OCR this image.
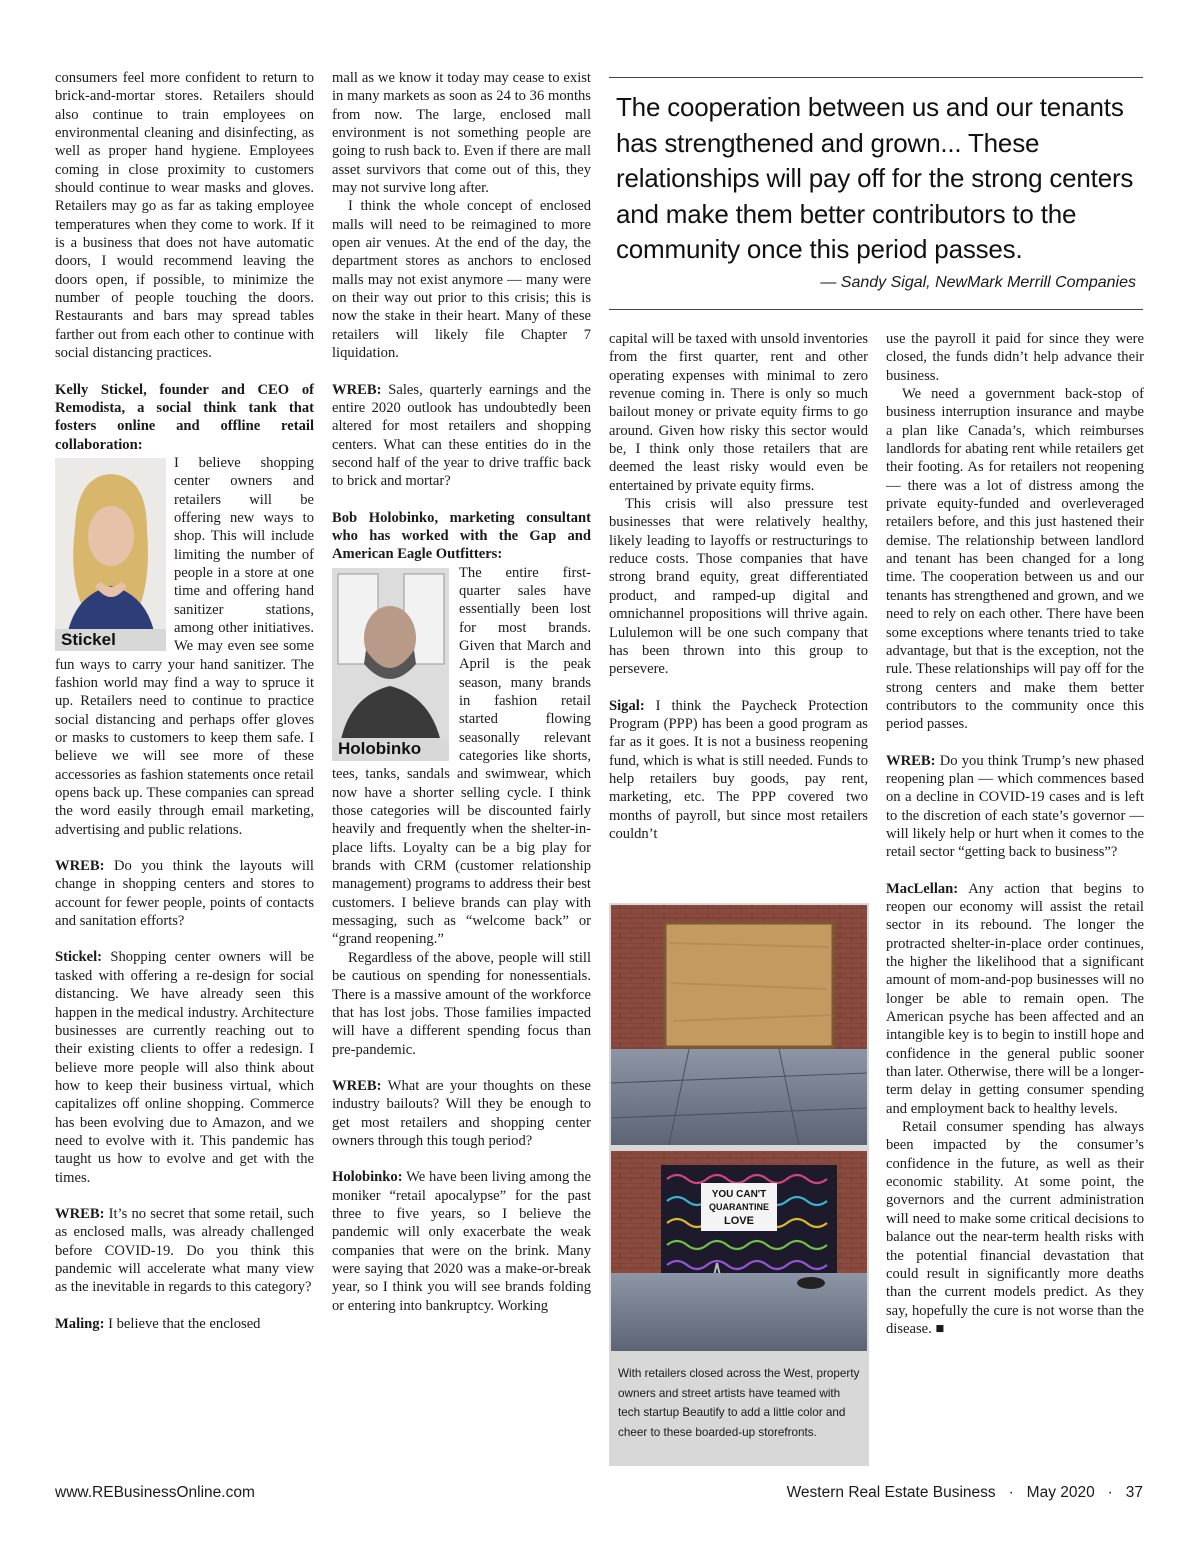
consumers feel more confident to return to brick-and-mortar stores. Retailers should also continue to train employees on environmental cleaning and disinfecting, as well as proper hand hygiene. Employees coming in close proximity to customers should continue to wear masks and gloves. Retailers may go as far as taking employee temperatures when they come to work. If it is a business that does not have automatic doors, I would recommend leaving the doors open, if possible, to minimize the number of people touching the doors. Restaurants and bars may spread tables farther out from each other to continue with social distancing practices.

Kelly Stickel, founder and CEO of Remodista, a social think tank that fosters online and offline retail collaboration:

Stickel

I believe shopping center owners and retailers will be offering new ways to shop. This will include limiting the number of people in a store at one time and offering hand sanitizer stations, among other initiatives. We may even see some fun ways to carry your hand sanitizer. The fashion world may find a way to spruce it up. Retailers need to continue to practice social distancing and perhaps offer gloves or masks to customers to keep them safe. I believe we will see more of these accessories as fashion statements once retail opens back up. These companies can spread the word easily through email marketing, advertising and public relations.

WREB: Do you think the layouts will change in shopping centers and stores to account for fewer people, points of contacts and sanitation efforts?

Stickel: Shopping center owners will be tasked with offering a re-design for social distancing. We have already seen this happen in the medical industry. Architecture businesses are currently reaching out to their existing clients to offer a redesign. I believe more people will also think about how to keep their business virtual, which capitalizes off online shopping. Commerce has been evolving due to Amazon, and we need to evolve with it. This pandemic has taught us how to evolve and get with the times.

WREB: It’s no secret that some retail, such as enclosed malls, was already challenged before COVID-19. Do you think this pandemic will accelerate what many view as the inevitable in regards to this category?

Maling: I believe that the enclosed

mall as we know it today may cease to exist in many markets as soon as 24 to 36 months from now. The large, enclosed mall environment is not something people are going to rush back to. Even if there are mall asset survivors that come out of this, they may not survive long after.

I think the whole concept of enclosed malls will need to be reimagined to more open air venues. At the end of the day, the department stores as anchors to enclosed malls may not exist anymore — many were on their way out prior to this crisis; this is now the stake in their heart. Many of these retailers will likely file Chapter 7 liquidation.

WREB: Sales, quarterly earnings and the entire 2020 outlook has undoubtedly been altered for most retailers and shopping centers. What can these entities do in the second half of the year to drive traffic back to brick and mortar?

Bob Holobinko, marketing consultant who has worked with the Gap and American Eagle Outfitters:

Holobinko

The entire first-quarter sales have essentially been lost for most brands. Given that March and April is the peak season, many brands in fashion retail started flowing seasonally relevant categories like shorts, tees, tanks, sandals and swimwear, which now have a shorter selling cycle. I think those categories will be discounted fairly heavily and frequently when the shelter-in-place lifts. Loyalty can be a big play for brands with CRM (customer relationship management) programs to address their best customers. I believe brands can play with messaging, such as “welcome back” or “grand reopening.”

Regardless of the above, people will still be cautious on spending for nonessentials. There is a massive amount of the workforce that has lost jobs. Those families impacted will have a different spending focus than pre-pandemic.

WREB: What are your thoughts on these industry bailouts? Will they be enough to get most retailers and shopping center owners through this tough period?

Holobinko: We have been living among the moniker “retail apocalypse” for the past three to five years, so I believe the pandemic will only exacerbate the weak companies that were on the brink. Many were saying that 2020 was a make-or-break year, so I think you will see brands folding or entering into bankruptcy. Working

The cooperation between us and our tenants has strengthened and grown... These relationships will pay off for the strong centers and make them better contributors to the community once this period passes.
— Sandy Sigal, NewMark Merrill Companies

capital will be taxed with unsold inventories from the first quarter, rent and other operating expenses with minimal to zero revenue coming in. There is only so much bailout money or private equity firms to go around. Given how risky this sector would be, I think only those retailers that are deemed the least risky would even be entertained by private equity firms.

This crisis will also pressure test businesses that were relatively healthy, likely leading to layoffs or restructurings to reduce costs. Those companies that have strong brand equity, great differentiated product, and ramped-up digital and omnichannel propositions will thrive again. Lululemon will be one such company that has been thrown into this group to persevere.

Sigal: I think the Paycheck Protection Program (PPP) has been a good program as far as it goes. It is not a business reopening fund, which is what is still needed. Funds to help retailers buy goods, pay rent, marketing, etc. The PPP covered two months of payroll, but since most retailers couldn’t

YOU CAN'T
QUARANTINE
LOVE
With retailers closed across the West, property owners and street artists have teamed with tech startup Beautify to add a little color and cheer to these boarded-up storefronts.

use the payroll it paid for since they were closed, the funds didn’t help advance their business.

We need a government back-stop of business interruption insurance and maybe a plan like Canada’s, which reimburses landlords for abating rent while retailers get their footing. As for retailers not reopening — there was a lot of distress among the private equity-funded and overleveraged retailers before, and this just hastened their demise. The relationship between landlord and tenant has been changed for a long time. The cooperation between us and our tenants has strengthened and grown, and we need to rely on each other. There have been some exceptions where tenants tried to take advantage, but that is the exception, not the rule. These relationships will pay off for the strong centers and make them better contributors to the community once this period passes.

WREB: Do you think Trump’s new phased reopening plan — which commences based on a decline in COVID-19 cases and is left to the discretion of each state’s governor — will likely help or hurt when it comes to the retail sector “getting back to business”?

MacLellan: Any action that begins to reopen our economy will assist the retail sector in its rebound. The longer the protracted shelter-in-place order continues, the higher the likelihood that a significant amount of mom-and-pop businesses will no longer be able to remain open. The American psyche has been affected and an intangible key is to begin to instill hope and confidence in the general public sooner than later. Otherwise, there will be a longer-term delay in getting consumer spending and employment back to healthy levels.

Retail consumer spending has always been impacted by the consumer’s confidence in the future, as well as their economic stability. At some point, the governors and the current administration will need to make some critical decisions to balance out the near-term health risks with the potential financial devastation that could result in significantly more deaths than the current models predict. As they say, hopefully the cure is not worse than the disease. ■

www.REBusinessOnline.com	Western Real Estate Business · May 2020 · 37
